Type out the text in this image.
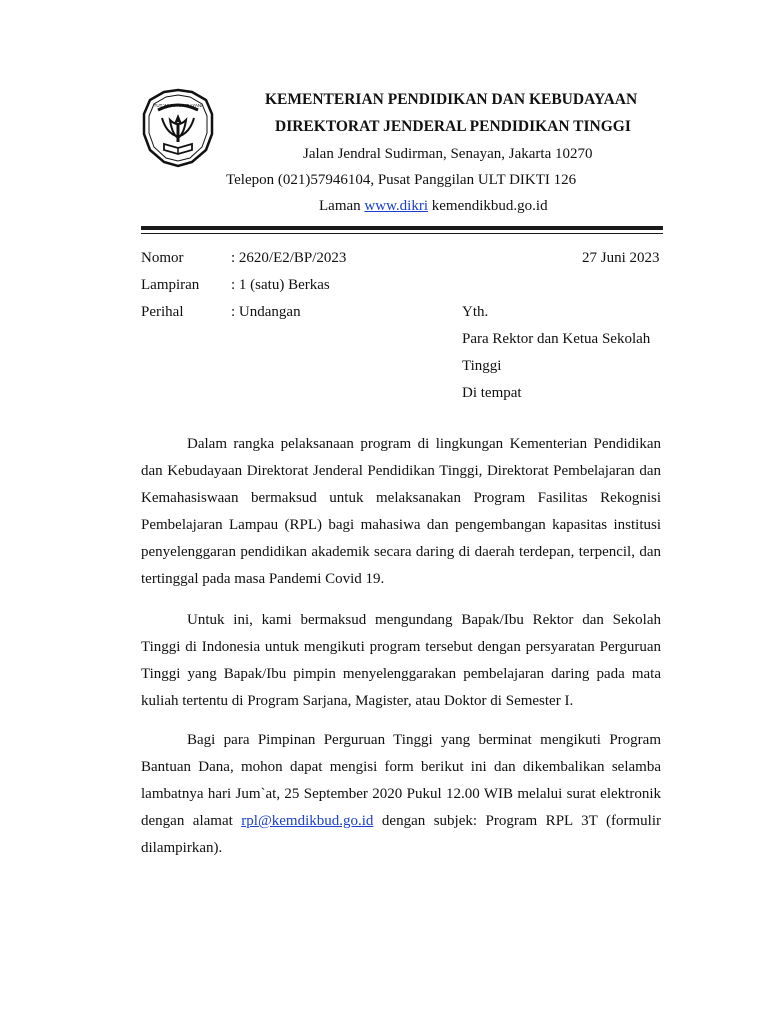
TUT WURI HANDAYANI	KEMENTERIAN PENDIDIKAN DAN KEBUDAYAAN
DIREKTORAT JENDERAL PENDIDIKAN TINGGI
Jalan Jendral Sudirman, Senayan, Jakarta 10270
Telepon (021)57946104, Pusat Panggilan ULT DIKTI 126
Laman www.dikri kemendikbud.go.id
Nomor	: 2620/E2/BP/2023	27 Juni 2023
Lampiran : 1 (satu) Berkas
Perihal	: Undangan	Yth.
Para Rektor dan Ketua Sekolah
Tinggi
Di tempat

Dalam rangka pelaksanaan program di lingkungan Kementerian Pendidikan dan Kebudayaan Direktorat Jenderal Pendidikan Tinggi, Direktorat Pembelajaran dan Kemahasiswaan bermaksud untuk melaksanakan Program Fasilitas Rekognisi Pembelajaran Lampau (RPL) bagi mahasiwa dan pengembangan kapasitas institusi penyelenggaran pendidikan akademik secara daring di daerah terdepan, terpencil, dan tertinggal pada masa Pandemi Covid 19.

Untuk ini, kami bermaksud mengundang Bapak/Ibu Rektor dan Sekolah Tinggi di Indonesia untuk mengikuti program tersebut dengan persyaratan Perguruan Tinggi yang Bapak/Ibu pimpin menyelenggarakan pembelajaran daring pada mata kuliah tertentu di Program Sarjana, Magister, atau Doktor di Semester I.

Bagi para Pimpinan Perguruan Tinggi yang berminat mengikuti Program Bantuan Dana, mohon dapat mengisi form berikut ini dan dikembalikan selamba lambatnya hari Jum`at, 25 September 2020 Pukul 12.00 WIB melalui surat elektronik dengan alamat rpl@kemdikbud.go.id dengan subjek: Program RPL 3T (formulir dilampirkan).
